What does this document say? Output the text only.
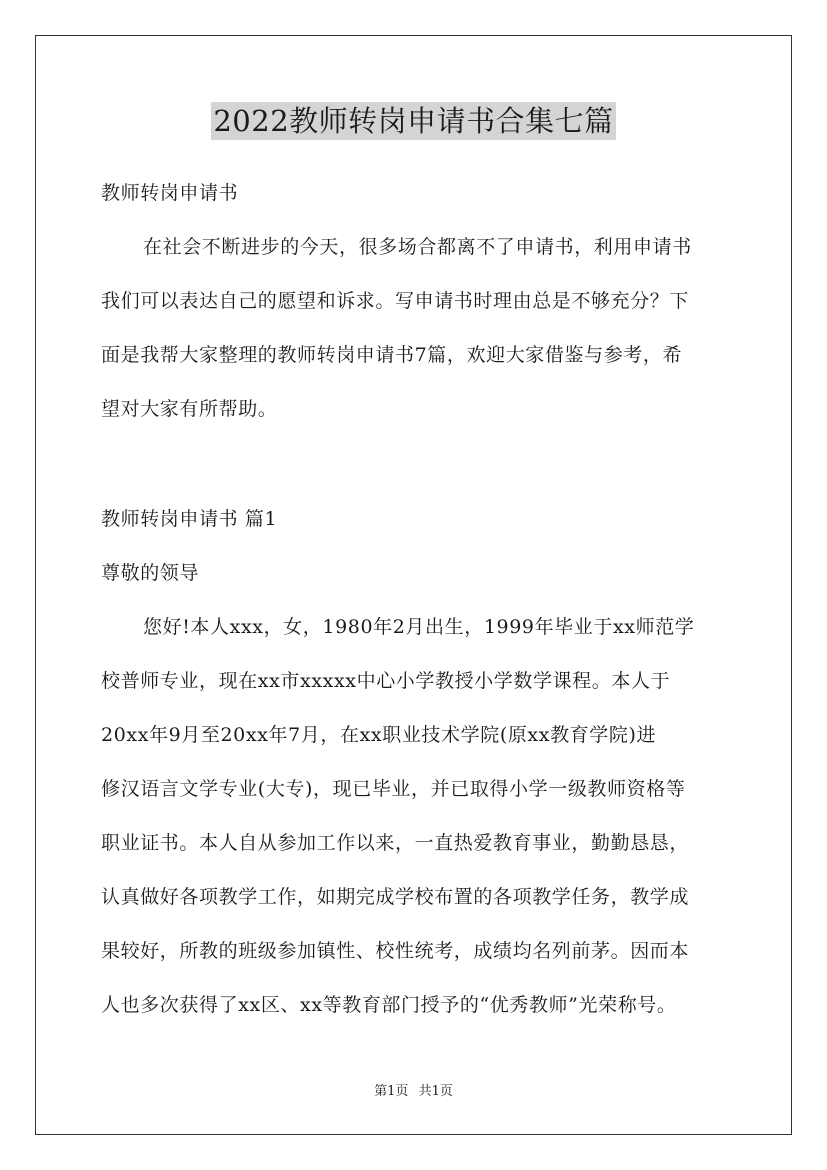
2022教师转岗申请书合集七篇
教师转岗申请书
在社会不断进步的今天，很多场合都离不了申请书，利用申请书
我们可以表达自己的愿望和诉求。写申请书时理由总是不够充分？下
面是我帮大家整理的教师转岗申请书7篇，欢迎大家借鉴与参考，希
望对大家有所帮助。
教师转岗申请书 篇1
尊敬的领导
您好!本人xxx，女，1980年2月出生，1999年毕业于xx师范学
校普师专业，现在xx市xxxxx中心小学教授小学数学课程。本人于
20xx年9月至20xx年7月，在xx职业技术学院(原xx教育学院)进
修汉语言文学专业(大专)，现已毕业，并已取得小学一级教师资格等
职业证书。本人自从参加工作以来，一直热爱教育事业，勤勤恳恳，
认真做好各项教学工作，如期完成学校布置的各项教学任务，教学成
果较好，所教的班级参加镇性、校性统考，成绩均名列前茅。因而本
人也多次获得了xx区、xx等教育部门授予的“优秀教师”光荣称号。
第1页 共1页
